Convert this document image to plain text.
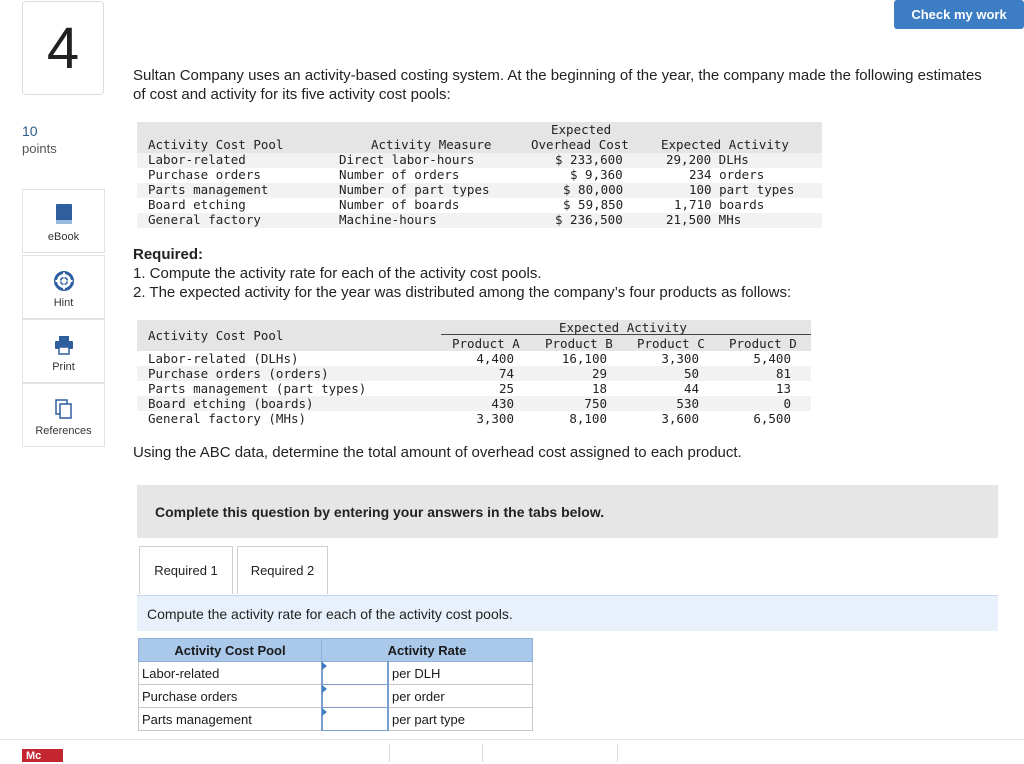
4
10
points
eBook
Hint
Print
References
Check my work
Sultan Company uses an activity-based costing system. At the beginning of the year, the company made the following estimates of cost and activity for its five activity cost pools:
Activity Cost Pool	Activity Measure
Expected
Overhead Cost	Expected Activity
Labor-related	Direct labor-hours	$ 233,600	29,200 DLHs
Purchase orders	Number of orders	$ 9,360	234 orders
Parts management	Number of part types	$ 80,000	100 part types
Board etching	Number of boards	$ 59,850	1,710 boards
General factory	Machine-hours	$ 236,500	21,500 MHs
Required:
1. Compute the activity rate for each of the activity cost pools.
2. The expected activity for the year was distributed among the company’s four products as follows:
Activity Cost Pool
Expected Activity
Product A Product B Product C Product D
Labor-related (DLHs)	4,400	16,100	3,300	5,400
Purchase orders (orders)	74	29	50	81
Parts management (part types)	25	18	44	13
Board etching (boards)	430	750	530	0
General factory (MHs)	3,300	8,100	3,600	6,500
Using the ABC data, determine the total amount of overhead cost assigned to each product.
Complete this question by entering your answers in the tabs below.
Required 1	Required 2
Compute the activity rate for each of the activity cost pools.
Activity Cost Pool	Activity Rate	
Labor-related		per DLH
Purchase orders		per order
Parts management		per part type
Mc
